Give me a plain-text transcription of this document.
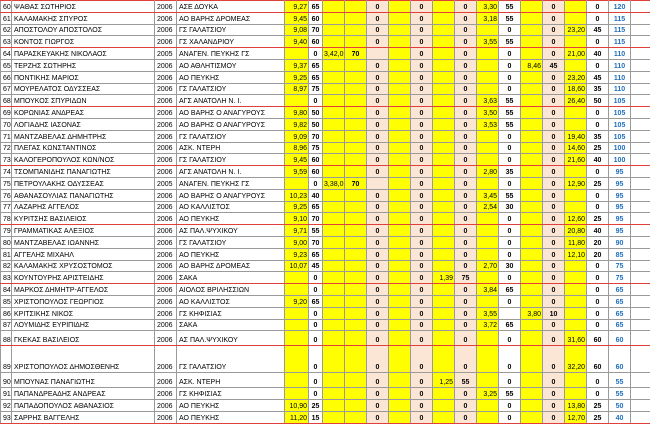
60	ΨΑΘΑΣ ΣΩΤΗΡΙΟΣ	2006	ΑΣΕ ΔΟΥΚΑ	9,27	65			0		0		0	3,30	55		0		0	120	
61	ΚΑΛΑΜΑΚΗΣ ΣΠΥΡΟΣ	2006	ΑΟ ΒΑΡΗΣ ΔΡΟΜΕΑΣ	9,45	60			0		0		0	3,18	55		0		0	115	
62	ΑΠΟΣΤΟΛΟΥ ΑΠΟΣΤΟΛΟΣ	2006	ΓΣ ΓΑΛΑΤΣΙΟΥ	9,08	70			0		0		0		0		0	23,20	45	115	
63	ΚΟΝΤΟΣ ΓΙΩΡΓΟΣ	2006	ΓΣ ΧΑΛΑΝΔΡΙΟΥ	9,40	60			0		0		0	3,55	55		0		0	115	
64	ΠΑΡΑΣΚΕΥΑΚΗΣ ΝΙΚΟΛΑΟΣ	2005	ΑΝΑΓΕΝ. ΠΕΥΚΗΣ ΓΣ		0	3,42,0	70			0		0		0		0	21,00	40	110	
65	ΤΕΡΖΗΣ ΣΩΤΗΡΗΣ	2006	ΑΟ ΑΘΛΗΤΙΣΜΟΥ	9,37	65			0		0		0		0	8,46	45		0	110	
66	ΠΟΝΤΙΚΗΣ ΜΑΡΙΟΣ	2006	ΑΟ ΠΕΥΚΗΣ	9,25	65			0		0		0		0		0	23,20	45	110	
67	ΜΟΥΡΕΛΑΤΟΣ ΟΔΥΣΣΕΑΣ	2006	ΓΣ ΓΑΛΑΤΣΙΟΥ	8,97	75			0		0		0		0		0	18,60	35	110	
68	ΜΠΟΥΚΟΣ ΣΠΥΡΙΔΩΝ	2006	ΑΓΣ ΑΝΑΤΟΛΗ Ν. Ι.		0			0		0		0	3,63	55		0	26,40	50	105	
69	ΚΟΡΩΝΙΑΣ ΑΝΔΡΕΑΣ	2006	ΑΟ ΒΑΡΗΣ Ο ΑΝΑΓΥΡΟΥΣ	9,80	50			0		0		0	3,50	55		0		0	105	
70	ΛΟΓΙΑΔΗΣ ΙΑΣΟΝΑΣ	2006	ΑΟ ΒΑΡΗΣ Ο ΑΝΑΓΥΡΟΥΣ	9,82	50			0		0		0	3,53	55		0		0	105	
71	ΜΑΝΤΖΑΒΕΛΑΣ ΔΗΜΗΤΡΗΣ	2006	ΓΣ ΓΑΛΑΤΣΙΟΥ	9,09	70			0		0		0		0		0	19,40	35	105	
72	ΠΛΕΓΑΣ ΚΩΝΣΤΑΝΤΙΝΟΣ	2006	ΑΣΚ. ΝΤΕΡΗ	8,96	75			0		0		0		0		0	14,60	25	100	
73	ΚΑΛΟΓΕΡΟΠΟΥΛΟΣ ΚΩΝ/ΝΟΣ	2006	ΓΣ ΓΑΛΑΤΣΙΟΥ	9,45	60			0		0		0		0		0	21,60	40	100	
74	ΤΣΟΜΠΑΝΙΔΗΣ ΠΑΝΑΓΙΩΤΗΣ	2006	ΑΓΣ ΑΝΑΤΟΛΗ Ν. Ι.	9,59	60			0		0		0	2,80	35		0		0	95	
75	ΠΕΤΡΟΥΛΑΚΗΣ ΟΔΥΣΣΕΑΣ	2005	ΑΝΑΓΕΝ. ΠΕΥΚΗΣ ΓΣ		0	3,38,0	70			0		0		0		0	12,90	25	95	
76	ΑΘΑΝΑΣΟΥΛΙΑΣ ΠΑΝΑΓΙΩΤΗΣ	2006	ΑΟ ΒΑΡΗΣ Ο ΑΝΑΓΥΡΟΥΣ	10,23	40			0		0		0	3,45	55		0		0	95	
77	ΛΑΖΑΡΗΣ ΑΓΓΕΛΟΣ	2006	ΑΟ ΚΑΛΛΙΣΤΟΣ	9,25	65			0		0		0	2,54	30		0		0	95	
78	ΚΥΡΙΤΣΗΣ ΒΑΣΙΛΕΙΟΣ	2006	ΑΟ ΠΕΥΚΗΣ	9,10	70			0		0		0		0		0	12,60	25	95	
79	ΓΡΑΜΜΑΤΙΚΑΣ ΑΛΕΞΙΟΣ	2006	ΑΣ ΠΑΛ.ΨΥΧΙΚΟΥ	9,71	55			0		0		0		0		0	20,80	40	95	
80	ΜΑΝΤΖΑΒΕΛΑΣ ΙΩΑΝΝΗΣ	2006	ΓΣ ΓΑΛΑΤΣΙΟΥ	9,00	70			0		0		0		0		0	11,80	20	90	
81	ΑΓΓΕΛΗΣ ΜΙΧΑΗΛ	2006	ΑΟ ΠΕΥΚΗΣ	9,23	65			0		0		0		0		0	12,10	20	85	
82	ΚΑΛΑΜΑΚΗΣ ΧΡΥΣΟΣΤΟΜΟΣ	2006	ΑΟ ΒΑΡΗΣ ΔΡΟΜΕΑΣ	10,07	45			0		0		0	2,70	30		0		0	75	
83	ΚΟΥΝΤΟΥΡΗΣ ΑΡΙΣΤΕΙΔΗΣ	2006	ΣΑΚΑ		0			0		0	1,39	75		0		0		0	75	
84	ΜΑΡΚΟΣ ΔΗΜΗΤΡ-ΑΓΓΕΛΟΣ	2006	ΑΙΟΛΟΣ ΒΡΙΛΗΣΣΙΩΝ		0			0		0		0	3,84	65		0		0	65	
85	ΧΡΙΣΤΟΠΟΥΛΟΣ ΓΕΩΡΓΙΟΣ	2006	ΑΟ ΚΑΛΛΙΣΤΟΣ	9,20	65			0		0		0		0		0		0	65	
86	ΚΡΙΤΣΙΚΗΣ ΝΙΚΟΣ	2006	ΓΣ ΚΗΦΙΣΙΑΣ		0			0		0		0	3,55		3,80	10		0	65	
87	ΛΟΥΜΙΔΗΣ ΕΥΡΙΠΙΔΗΣ	2006	ΣΑΚΑ		0			0		0		0	3,72	65		0		0	65	
88	ΓΚΕΚΑΣ ΒΑΣΙΛΕΙΟΣ	2006	ΑΣ ΠΑΛ.ΨΥΧΙΚΟΥ		0			0		0		0		0		0	31,60	60	60	
89	ΧΡΙΣΤΟΠΟΥΛΟΣ ΔΗΜΟΣΘΕΝΗΣ	2006	ΓΣ ΓΑΛΑΤΣΙΟΥ		0			0		0		0		0		0	32,20	60	60	
90	ΜΠΟΥΝΑΣ ΠΑΝΑΓΙΩΤΗΣ	2006	ΑΣΚ. ΝΤΕΡΗ		0			0		0	1,25	55		0		0		0	55	
91	ΠΑΠΑΝΔΡΕΑΔΗΣ ΑΝΔΡΕΑΣ	2006	ΓΣ ΚΗΦΙΣΙΑΣ		0			0		0		0	3,25	55		0		0	55	
92	ΠΑΠΑΔΟΠΟΥΛΟΣ ΑΘΑΝΑΣΙΟΣ	2006	ΑΟ ΠΕΥΚΗΣ	10,90	25			0		0		0		0		0	13,80	25	50	
93	ΣΑΡΡΗΣ ΒΑΓΓΕΛΗΣ	2006	ΑΟ ΠΕΥΚΗΣ	11,20	15			0		0		0		0		0	12,70	25	40	
